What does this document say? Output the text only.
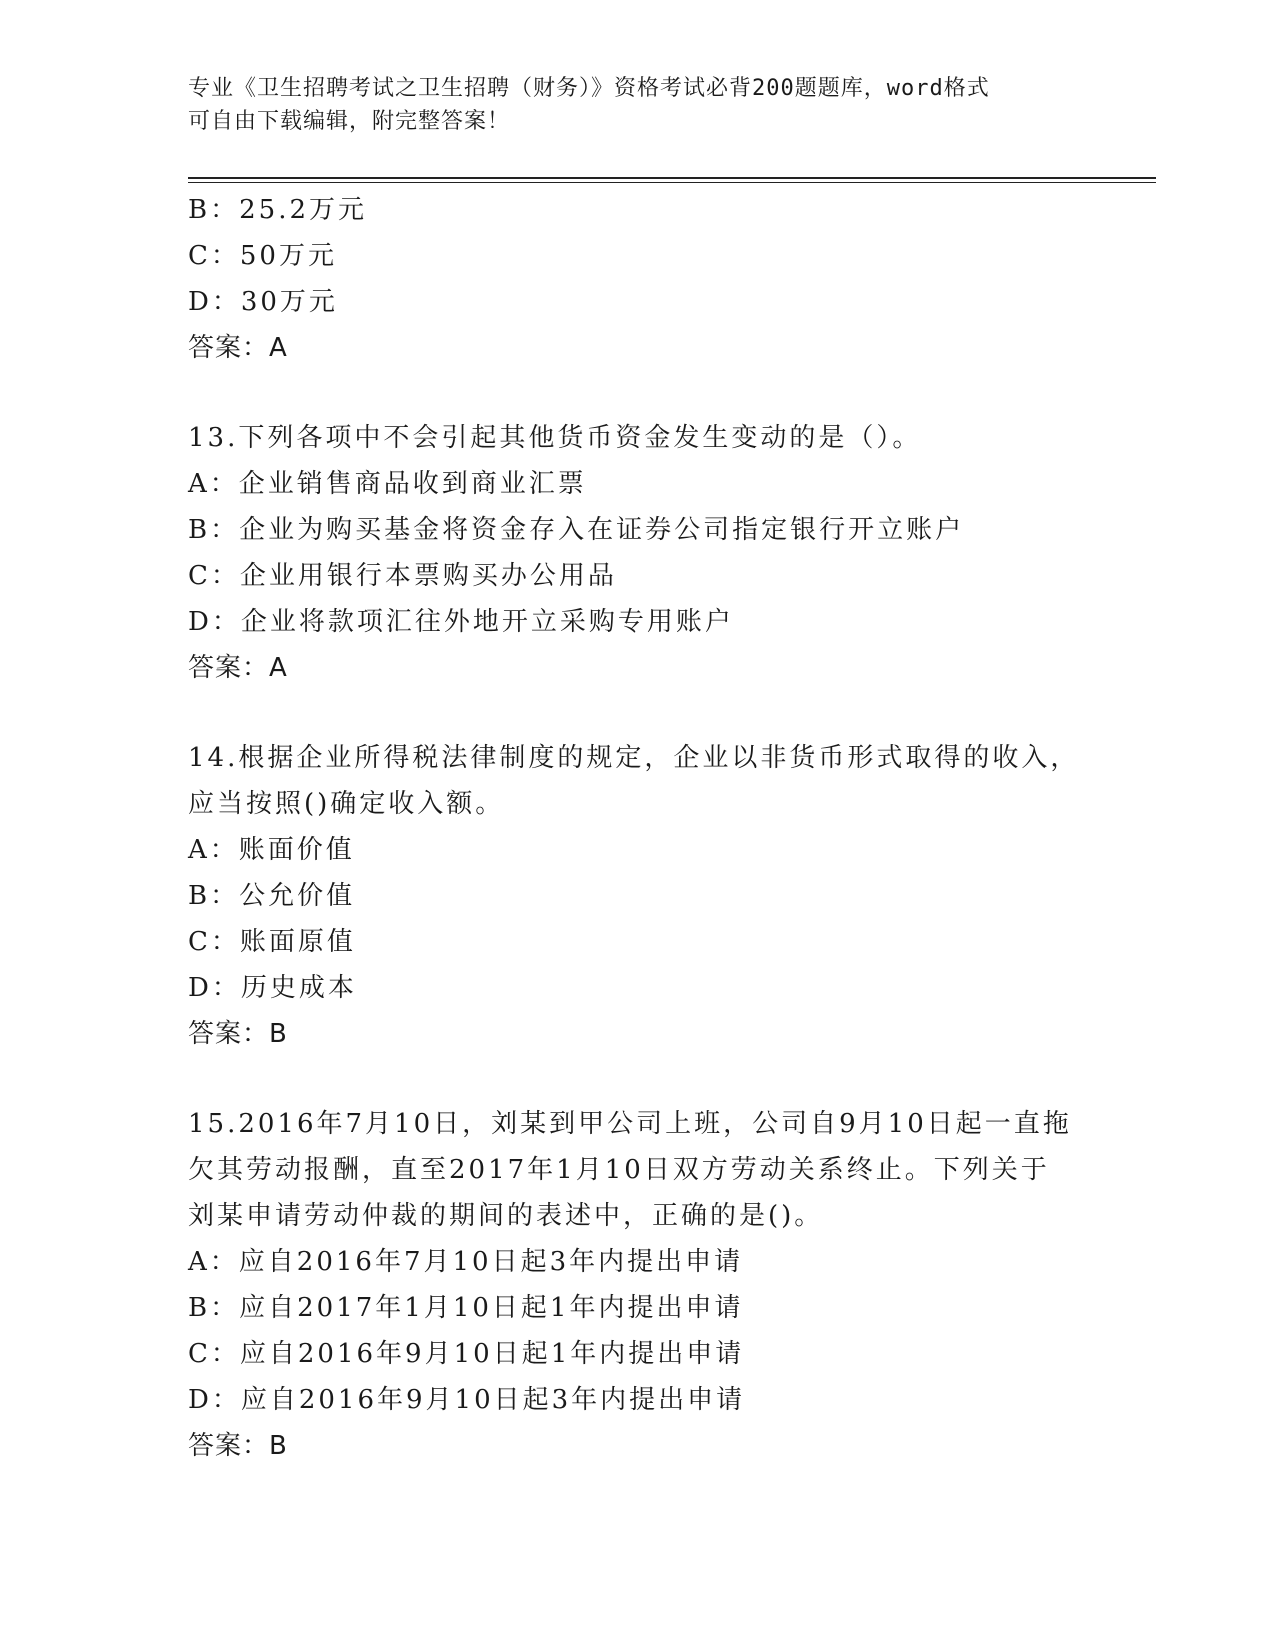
专业《卫生招聘考试之卫生招聘（财务）》资格考试必背200题题库，word格式
可自由下载编辑，附完整答案！
B：25.2万元
C：50万元
D：30万元
答案：A
13.下列各项中不会引起其他货币资金发生变动的是（）。
A：企业销售商品收到商业汇票
B：企业为购买基金将资金存入在证券公司指定银行开立账户
C：企业用银行本票购买办公用品
D：企业将款项汇往外地开立采购专用账户
答案：A
14.根据企业所得税法律制度的规定，企业以非货币形式取得的收入，
应当按照()确定收入额。
A：账面价值
B：公允价值
C：账面原值
D：历史成本
答案：B
15.2016年7月10日，刘某到甲公司上班，公司自9月10日起一直拖
欠其劳动报酬，直至2017年1月10日双方劳动关系终止。下列关于
刘某申请劳动仲裁的期间的表述中，正确的是()。
A：应自2016年7月10日起3年内提出申请
B：应自2017年1月10日起1年内提出申请
C：应自2016年9月10日起1年内提出申请
D：应自2016年9月10日起3年内提出申请
答案：B
